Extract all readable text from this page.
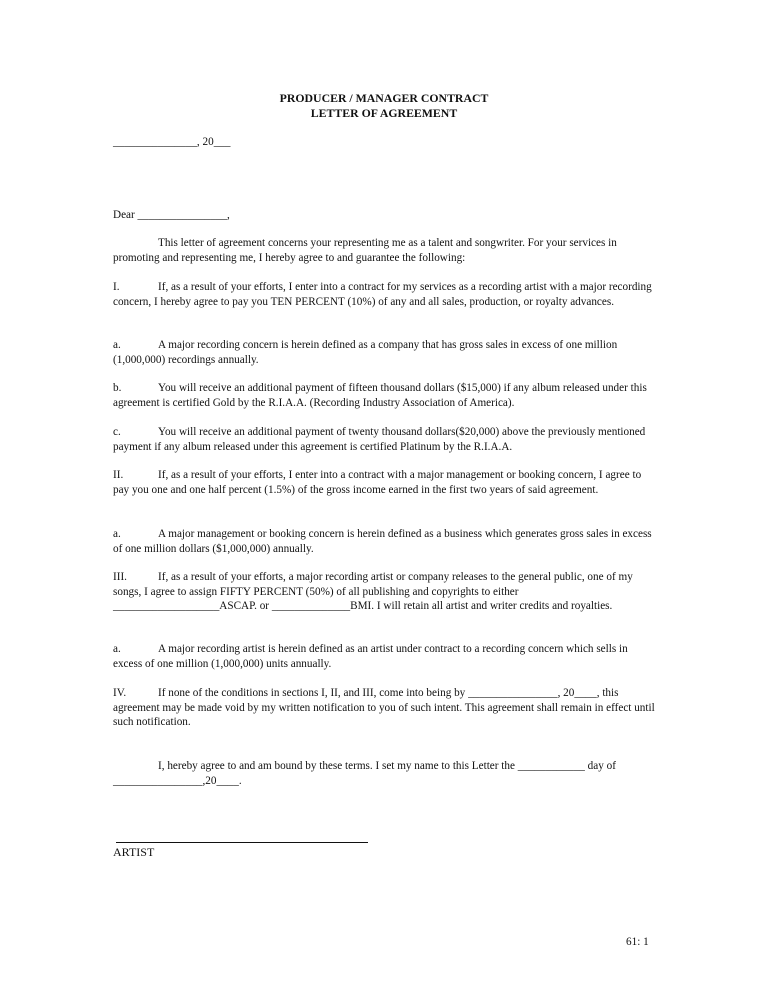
PRODUCER / MANAGER CONTRACT
LETTER OF AGREEMENT
_______________, 20___
Dear ________________,
This letter of agreement concerns your representing me as a talent and songwriter. For your services in promoting and representing me, I hereby agree to and guarantee the following:
I.	If, as a result of your efforts, I enter into a contract for my services as a recording artist with a major recording concern, I hereby agree to pay you TEN PERCENT (10%) of any and all sales, production, or royalty advances.
a.	A major recording concern is herein defined as a company that has gross sales in excess of one million (1,000,000) recordings annually.
b.	You will receive an additional payment of fifteen thousand dollars ($15,000) if any album released under this agreement is certified Gold by the R.I.A.A. (Recording Industry Association of America).
c.	You will receive an additional payment of twenty thousand dollars($20,000) above the previously mentioned payment if any album released under this agreement is certified Platinum by the R.I.A.A.
II.	If, as a result of your efforts, I enter into a contract with a major management or booking concern, I agree to pay you one and one half percent (1.5%) of the gross income earned in the first two years of said agreement.
a.	A major management or booking concern is herein defined as a business which generates gross sales in excess of one million dollars ($1,000,000) annually.
III.	If, as a result of your efforts, a major recording artist or company releases to the general public, one of my songs, I agree to assign FIFTY PERCENT (50%) of all publishing and copyrights to either ___________________ASCAP. or ______________BMI. I will retain all artist and writer credits and royalties.
a.	A major recording artist is herein defined as an artist under contract to a recording concern which sells in excess of one million (1,000,000) units annually.
IV.	If none of the conditions in sections I, II, and III, come into being by ________________, 20____, this agreement may be made void by my written notification to you of such intent. This agreement shall remain in effect until such notification.
I, hereby agree to and am bound by these terms. I set my name to this Letter the ____________ day of ________________,20____.
ARTIST
61: 1
